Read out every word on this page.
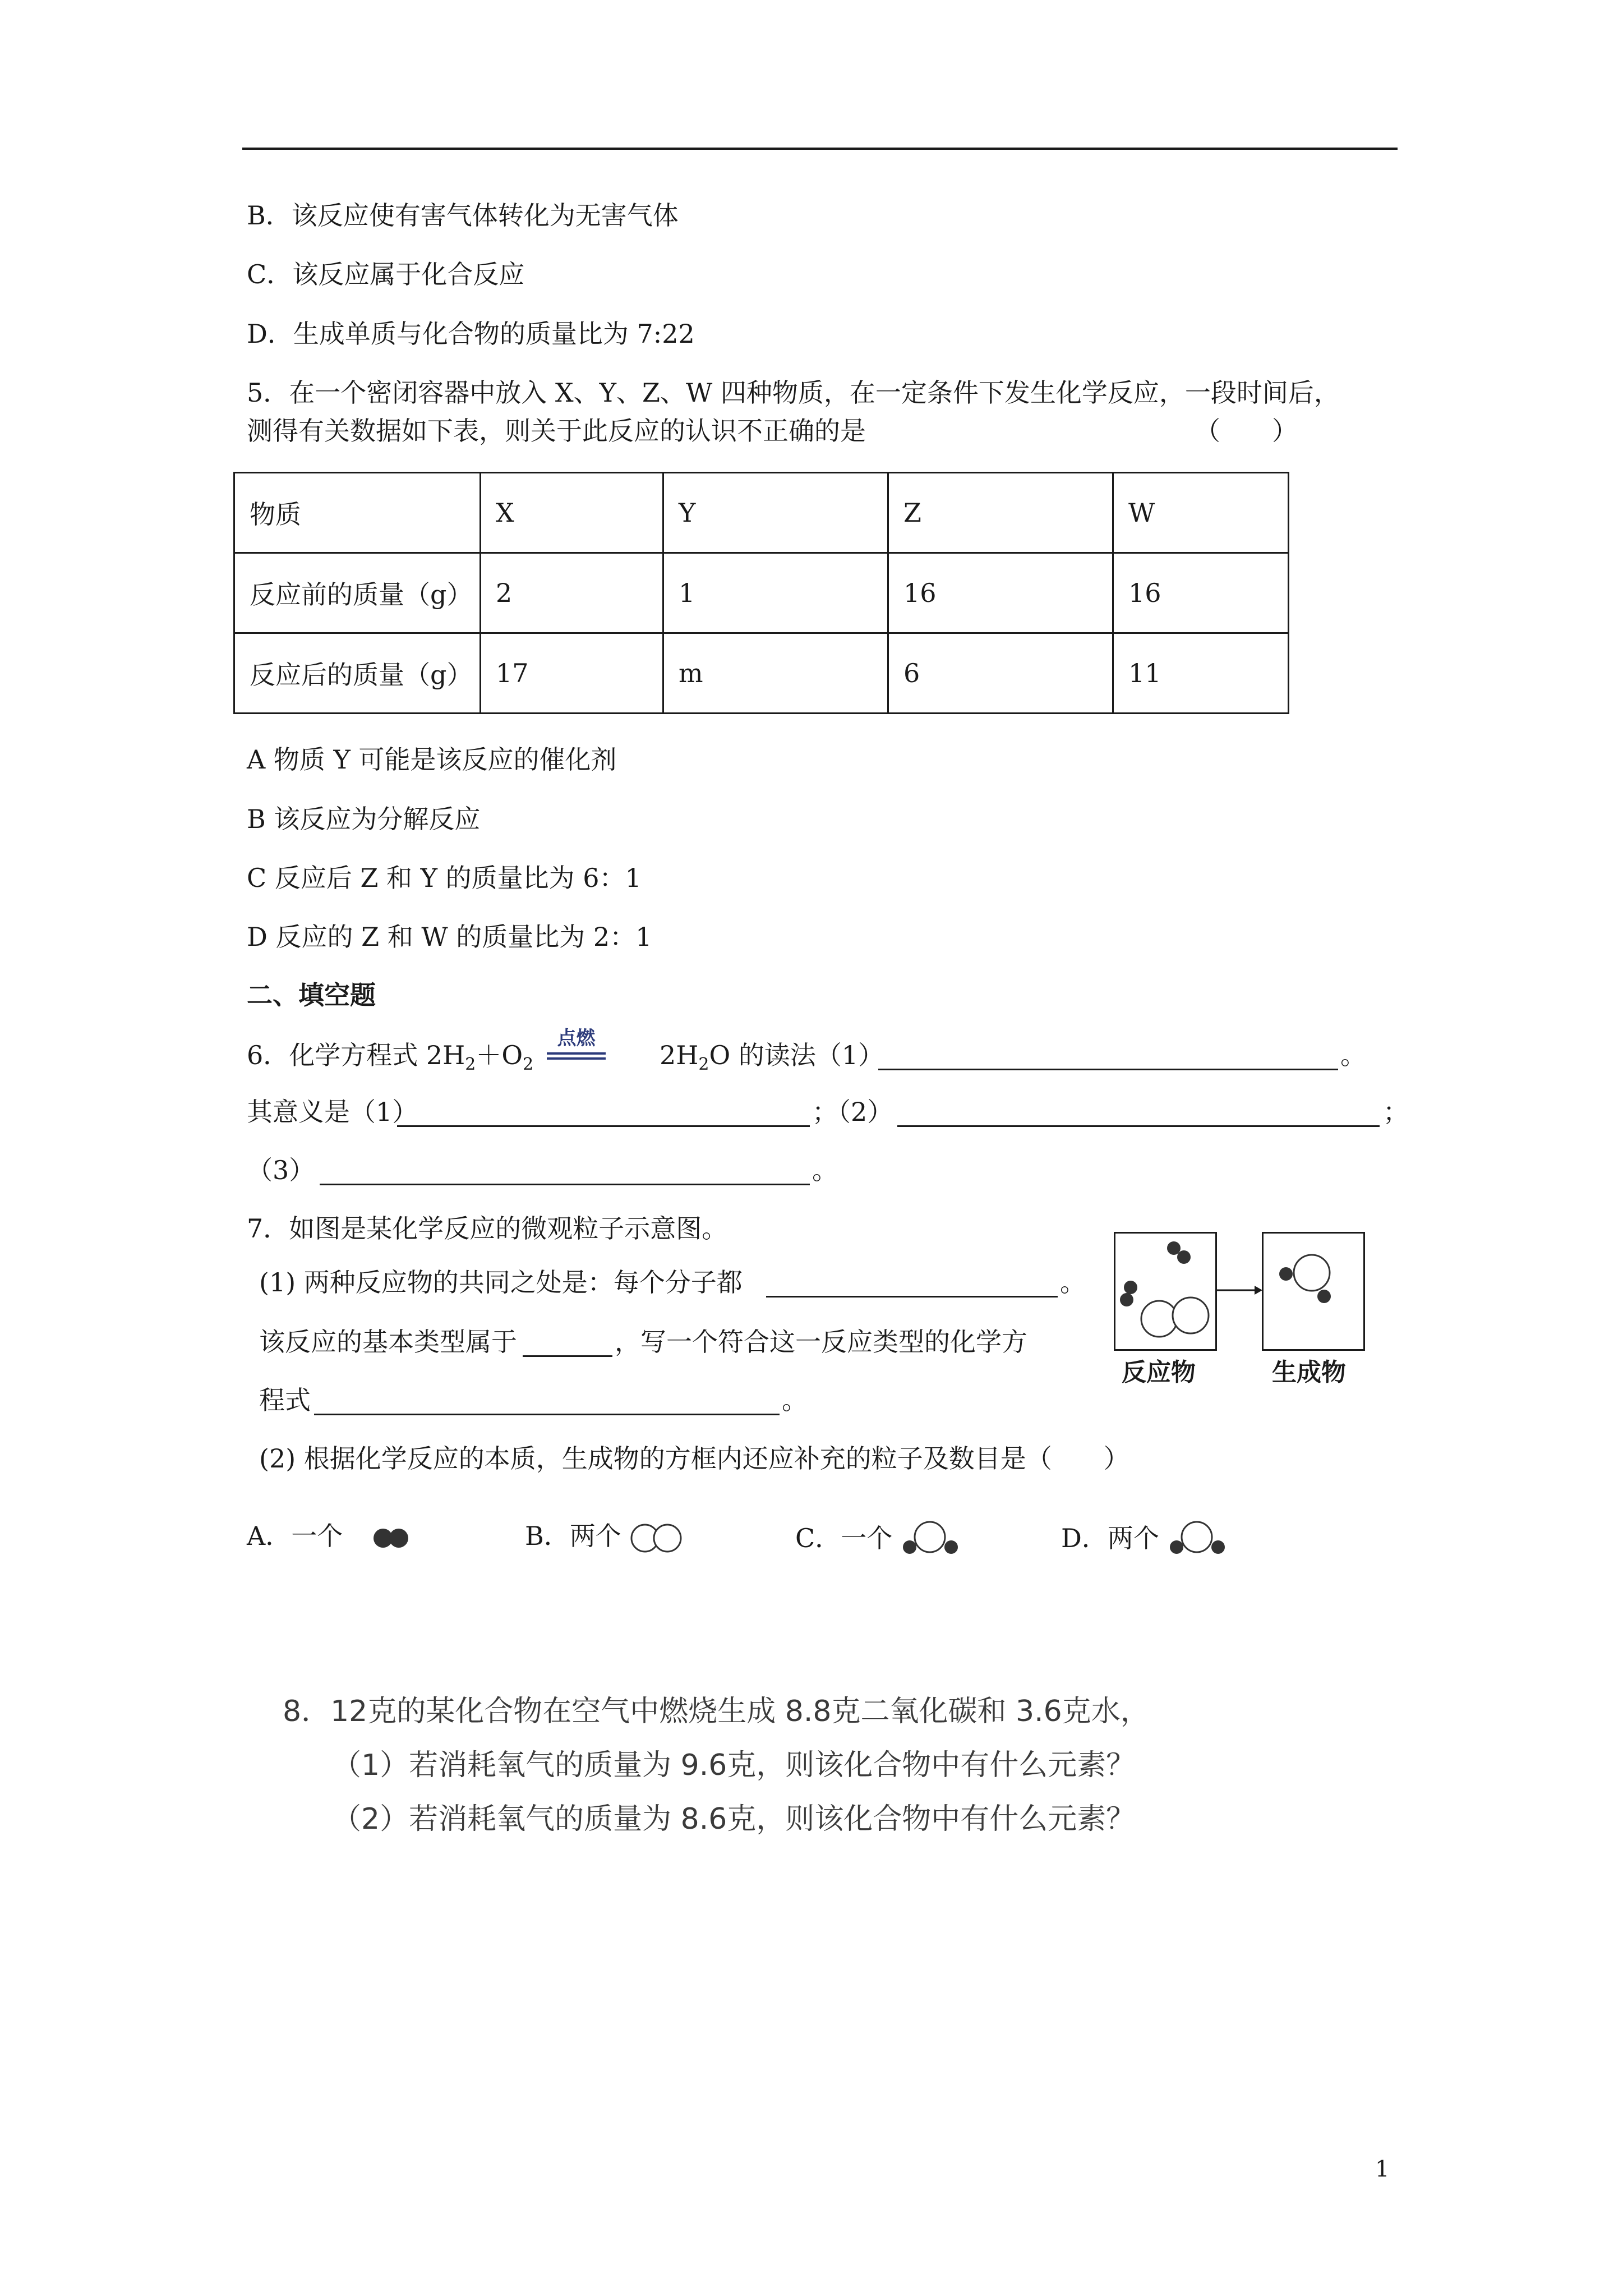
B．该反应使有害气体转化为无害气体
C．该反应属于化合反应
D．生成单质与化合物的质量比为 7:22
5．在一个密闭容器中放入 X、Y、Z、W 四种物质，在一定条件下发生化学反应，一段时间后，
测得有关数据如下表，则关于此反应的认识不正确的是	（　　）
物质	X	Y	Z	W
反应前的质量（g）	2	1	16	16
反应后的质量（g）	17	m	6	11
A 物质 Y 可能是该反应的催化剂
B 该反应为分解反应
C 反应后 Z 和 Y 的质量比为 6：1
D 反应的 Z 和 W 的质量比为 2：1
二、填空题
6．化学方程式 $2H_2+O_2$
点燃
$2H_2O$ 的读法（1）	。
其意义是（1）	；（2）	；
（3）	。
7．如图是某化学反应的微观粒子示意图。
(1) 两种反应物的共同之处是：每个分子都	。
该反应的基本类型属于	，写一个符合这一反应类型的化学方
程式	。
(2) 根据化学反应的本质，生成物的方框内还应补充的粒子及数目是（　　）
反应物	生成物
A．一个	B．两个	C．一个	D．两个
8．12克的某化合物在空气中燃烧生成 8.8克二氧化碳和 3.6克水，
（1）若消耗氧气的质量为 9.6克，则该化合物中有什么元素？
（2）若消耗氧气的质量为 8.6克，则该化合物中有什么元素？
1
